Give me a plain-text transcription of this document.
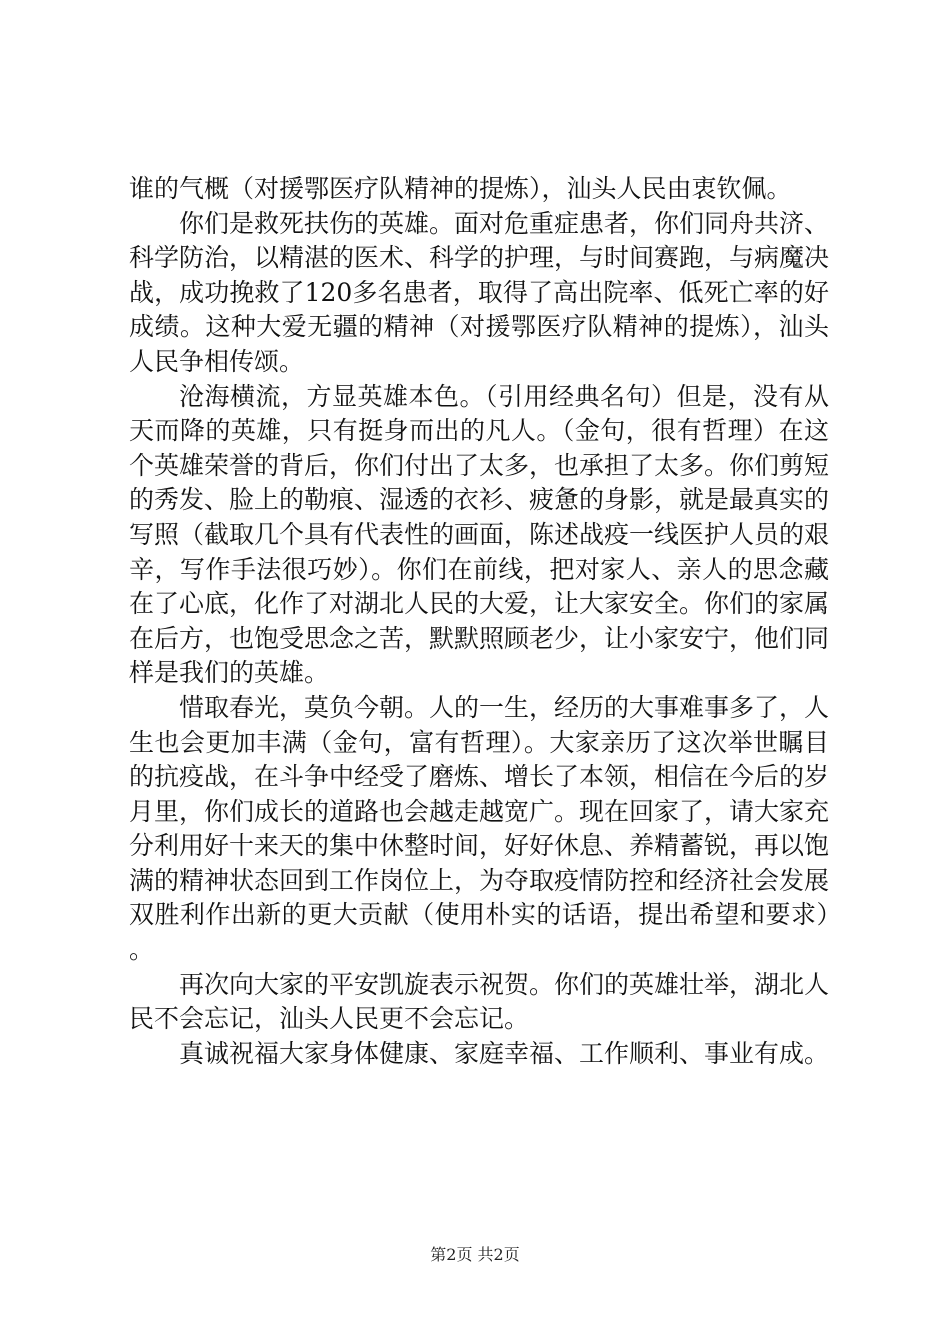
谁的气概（对援鄂医疗队精神的提炼），汕头人民由衷钦佩。

你们是救死扶伤的英雄。面对危重症患者，你们同舟共济、科学防治，以精湛的医术、科学的护理，与时间赛跑，与病魔决战，成功挽救了120多名患者，取得了高出院率、低死亡率的好成绩。这种大爱无疆的精神（对援鄂医疗队精神的提炼），汕头人民争相传颂。

沧海横流，方显英雄本色。（引用经典名句）但是，没有从天而降的英雄，只有挺身而出的凡人。（金句，很有哲理）在这个英雄荣誉的背后，你们付出了太多，也承担了太多。你们剪短的秀发、脸上的勒痕、湿透的衣衫、疲惫的身影，就是最真实的写照（截取几个具有代表性的画面，陈述战疫一线医护人员的艰辛，写作手法很巧妙）。你们在前线，把对家人、亲人的思念藏在了心底，化作了对湖北人民的大爱，让大家安全。你们的家属在后方，也饱受思念之苦，默默照顾老少，让小家安宁，他们同样是我们的英雄。

惜取春光，莫负今朝。人的一生，经历的大事难事多了，人生也会更加丰满（金句，富有哲理）。大家亲历了这次举世瞩目的抗疫战，在斗争中经受了磨炼、增长了本领，相信在今后的岁月里，你们成长的道路也会越走越宽广。现在回家了，请大家充分利用好十来天的集中休整时间，好好休息、养精蓄锐，再以饱满的精神状态回到工作岗位上，为夺取疫情防控和经济社会发展双胜利作出新的更大贡献（使用朴实的话语，提出希望和要求）。

再次向大家的平安凯旋表示祝贺。你们的英雄壮举，湖北人民不会忘记，汕头人民更不会忘记。

真诚祝福大家身体健康、家庭幸福、工作顺利、事业有成。

第2页 共2页
